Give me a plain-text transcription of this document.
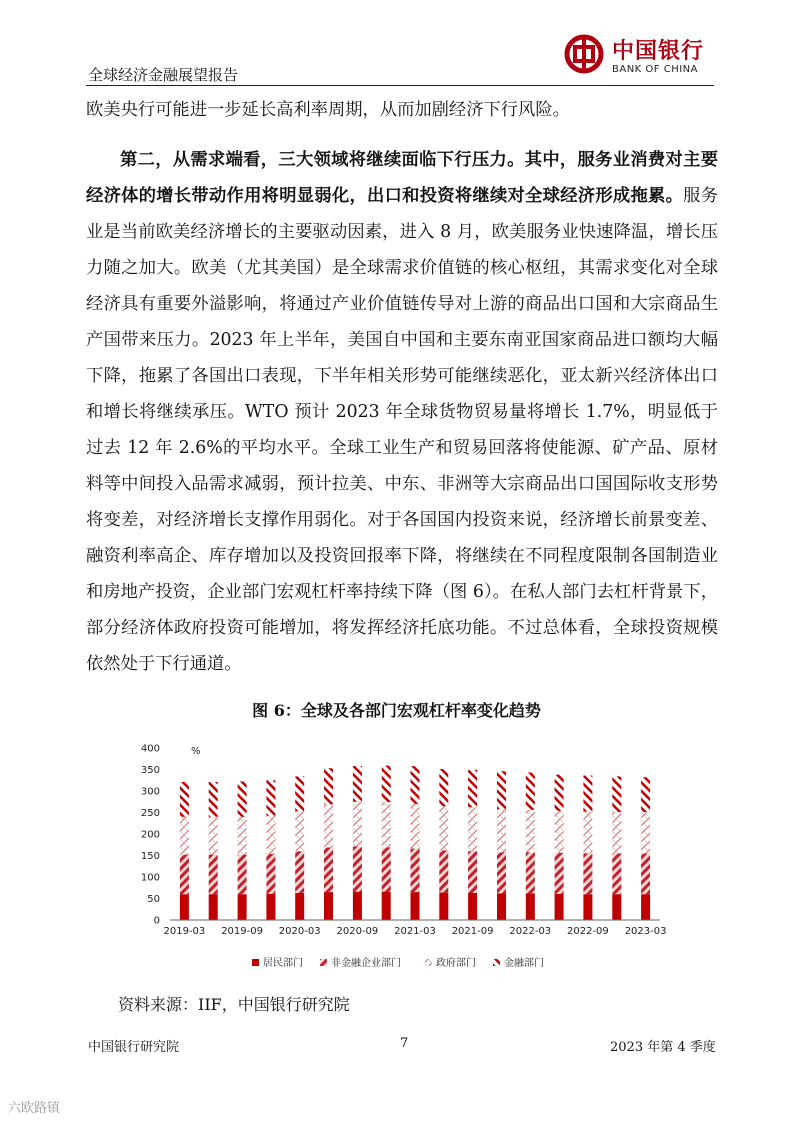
全球经济金融展望报告
中国银行
BANK OF CHINA
欧美央行可能进一步延长高利率周期，从而加剧经济下行风险。
第二，从需求端看，三大领域将继续面临下行压力。其中，服务业消费对主要经济体的增长带动作用将明显弱化，出口和投资将继续对全球经济形成拖累。服务业是当前欧美经济增长的主要驱动因素，进入 8 月，欧美服务业快速降温，增长压力随之加大。欧美（尤其美国）是全球需求价值链的核心枢纽，其需求变化对全球经济具有重要外溢影响，将通过产业价值链传导对上游的商品出口国和大宗商品生产国带来压力。2023 年上半年，美国自中国和主要东南亚国家商品进口额均大幅下降，拖累了各国出口表现，下半年相关形势可能继续恶化，亚太新兴经济体出口和增长将继续承压。WTO 预计 2023 年全球货物贸易量将增长 1.7%，明显低于过去 12 年 2.6%的平均水平。全球工业生产和贸易回落将使能源、矿产品、原材料等中间投入品需求减弱，预计拉美、中东、非洲等大宗商品出口国国际收支形势将变差，对经济增长支撑作用弱化。对于各国国内投资来说，经济增长前景变差、融资利率高企、库存增加以及投资回报率下降，将继续在不同程度限制各国制造业和房地产投资，企业部门宏观杠杆率持续下降（图 6）。在私人部门去杠杆背景下，部分经济体政府投资可能增加，将发挥经济托底功能。不过总体看，全球投资规模依然处于下行通道。
图 6：全球及各部门宏观杠杆率变化趋势
%
0
50
100
150
200
250
300
350
400
2019-03 2019-09 2020-03 2020-09 2021-03 2021-09 2022-03 2022-09 2023-03
居民部门	非金融企业部门	政府部门	金融部门
资料来源：IIF，中国银行研究院
中国银行研究院	7	2023 年第 4 季度
六欧路镇
